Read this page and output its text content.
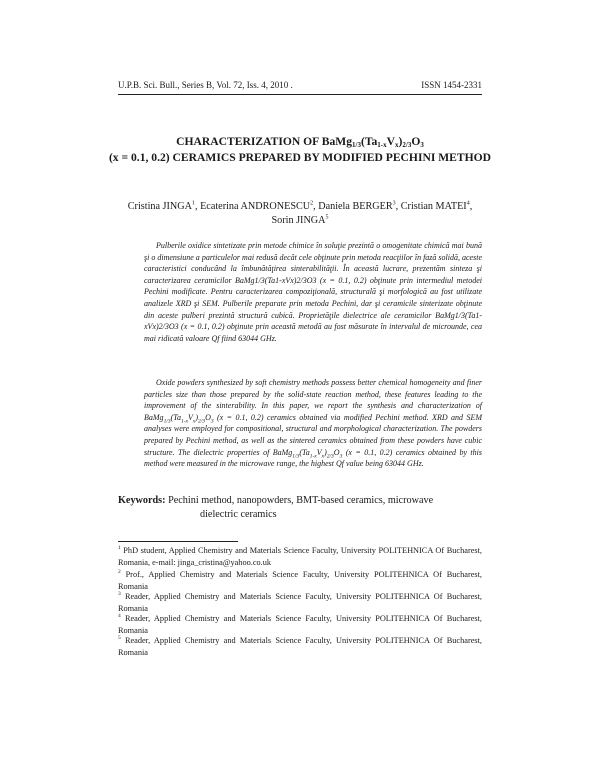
U.P.B. Sci. Bull., Series B, Vol. 72, Iss. 4, 2010 .	ISSN 1454-2331
CHARACTERIZATION OF $BaMg_{1/3}(Ta_{1-x}V_x)_{2/3}O_3$
(x = 0.1, 0.2) CERAMICS PREPARED BY MODIFIED PECHINI METHOD
Cristina JINGA$^1$, Ecaterina ANDRONESCU$^2$, Daniela BERGER$^3$, Cristian MATEI$^4$, Sorin JINGA$^5$

Pulberile oxidice sintetizate prin metode chimice în soluţie prezintă o omogenitate chimică mai bună şi o dimensiune a particulelor mai redusă decât cele obţinute prin metoda reacţiilor în fază solidă, aceste caracteristici conducând la îmbunătăţirea sinterabilităţii. În această lucrare, prezentăm sinteza şi caracterizarea ceramicilor BaMg1/3(Ta1-xVx)2/3O3 (x = 0.1, 0.2) obţinute prin intermediul metodei Pechini modificate. Pentru caracterizarea compoziţională, structurală şi morfologică au fost utilizate analizele XRD şi SEM. Pulberile preparate prin metoda Pechini, dar şi ceramicile sinterizate obţinute din aceste pulberi prezintă structură cubică. Proprietăţile dielectrice ale ceramicilor BaMg1/3(Ta1-xVx)2/3O3 (x = 0.1, 0.2) obţinute prin această metodă au fost măsurate în intervalul de microunde, cea mai ridicată valoare Qf fiind 63044 GHz.

Oxide powders synthesized by soft chemistry methods possess better chemical homogeneity and finer particles size than those prepared by the solid-state reaction method, these features leading to the improvement of the sinterability. In this paper, we report the synthesis and characterization of $BaMg_{1/3}(Ta_{1-x}V_x)_{2/3}O_3$ (x = 0.1, 0.2) ceramics obtained via modified Pechini method. XRD and SEM analyses were employed for compositional, structural and morphological characterization. The powders prepared by Pechini method, as well as the sintered ceramics obtained from these powders have cubic structure. The dielectric properties of $BaMg_{1/3}(Ta_{1-x}V_x)_{2/3}O_3$ (x = 0.1, 0.2) ceramics obtained by this method were measured in the microwave range, the highest Qf value being 63044 GHz.

Keywords: Pechini method, nanopowders, BMT-based ceramics, microwave
dielectric ceramics

$^1$ PhD student, Applied Chemistry and Materials Science Faculty, University POLITEHNICA Of Bucharest, Romania, e-mail: jinga_cristina@yahoo.co.uk

$^2$ Prof., Applied Chemistry and Materials Science Faculty, University POLITEHNICA Of Bucharest, Romania

$^3$ Reader, Applied Chemistry and Materials Science Faculty, University POLITEHNICA Of Bucharest, Romania

$^4$ Reader, Applied Chemistry and Materials Science Faculty, University POLITEHNICA Of Bucharest, Romania

$^5$ Reader, Applied Chemistry and Materials Science Faculty, University POLITEHNICA Of Bucharest, Romania
